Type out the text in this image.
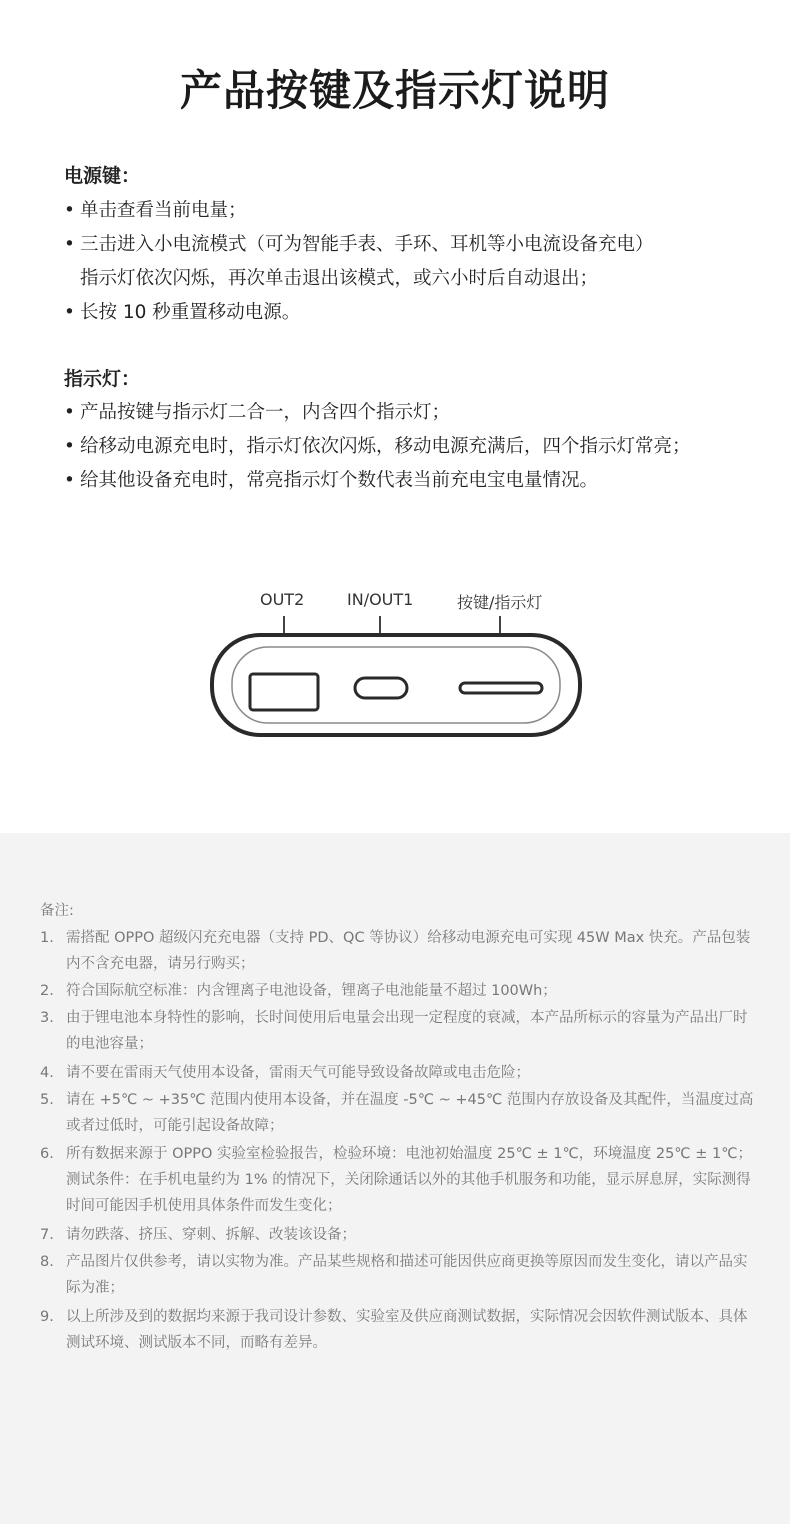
产品按键及指示灯说明
电源键：
• 单击查看当前电量；
• 三击进入小电流模式（可为智能手表、手环、耳机等小电流设备充电）
指示灯依次闪烁，再次单击退出该模式，或六小时后自动退出；
• 长按 10 秒重置移动电源。
指示灯：
• 产品按键与指示灯二合一，内含四个指示灯；
• 给移动电源充电时，指示灯依次闪烁，移动电源充满后，四个指示灯常亮；
• 给其他设备充电时，常亮指示灯个数代表当前充电宝电量情况。
OUT2	IN/OUT1	按键/指示灯
备注:
1. 需搭配 OPPO 超级闪充充电器（支持 PD、QC 等协议）给移动电源充电可实现 45W Max 快充。产品包装内不含充电器，请另行购买；
2. 符合国际航空标准：内含锂离子电池设备，锂离子电池能量不超过 100Wh；
3. 由于锂电池本身特性的影响，长时间使用后电量会出现一定程度的衰减，本产品所标示的容量为产品出厂时的电池容量；
4. 请不要在雷雨天气使用本设备，雷雨天气可能导致设备故障或电击危险；
5. 请在 +5℃ ~ +35℃ 范围内使用本设备，并在温度 -5℃ ~ +45℃ 范围内存放设备及其配件，当温度过高或者过低时，可能引起设备故障；
6. 所有数据来源于 OPPO 实验室检验报告，检验环境：电池初始温度 25℃ ± 1℃，环境温度 25℃ ± 1℃；测试条件：在手机电量约为 1% 的情况下，关闭除通话以外的其他手机服务和功能，显示屏息屏，实际测得时间可能因手机使用具体条件而发生变化；
7. 请勿跌落、挤压、穿刺、拆解、改装该设备；
8. 产品图片仅供参考，请以实物为准。产品某些规格和描述可能因供应商更换等原因而发生变化，请以产品实际为准；
9. 以上所涉及到的数据均来源于我司设计参数、实验室及供应商测试数据，实际情况会因软件测试版本、具体测试环境、测试版本不同，而略有差异。
